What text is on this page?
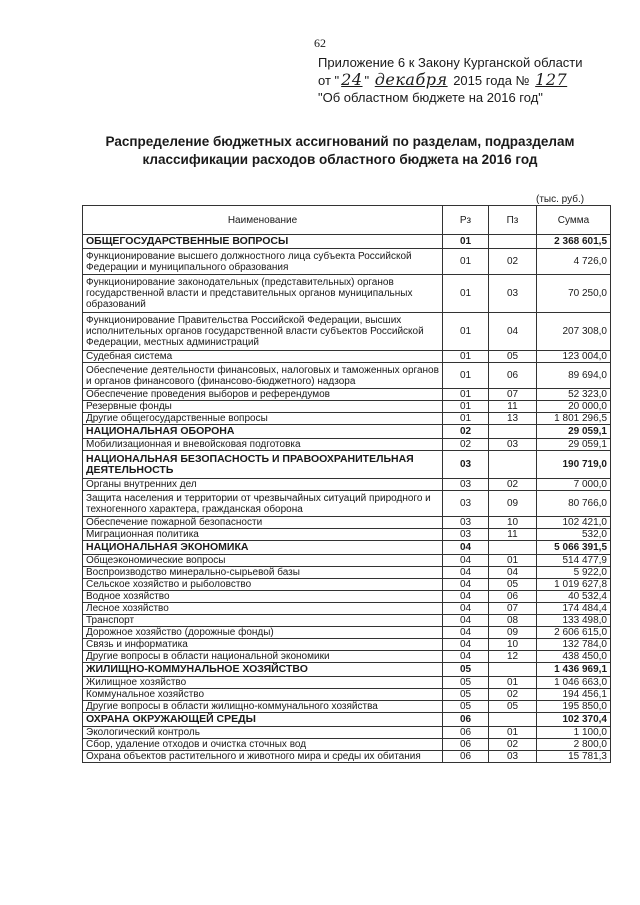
62
Приложение 6 к Закону Курганской области
от " 24 " декабря 2015 года № 127
"Об областном бюджете на 2016 год"
Распределение бюджетных ассигнований по разделам, подразделам
классификации расходов областного бюджета на 2016 год
(тыс. руб.)
Наименование	Рз	Пз	Сумма
ОБЩЕГОСУДАРСТВЕННЫЕ ВОПРОСЫ	01		2 368 601,5
Функционирование высшего должностного лица субъекта Российской Федерации и муниципального образования	01	02	4 726,0
Функционирование законодательных (представительных) органов государственной власти и представительных органов муниципальных образований	01	03	70 250,0
Функционирование Правительства Российской Федерации, высших исполнительных органов государственной власти субъектов Российской Федерации, местных администраций	01	04	207 308,0
Судебная система	01	05	123 004,0
Обеспечение деятельности финансовых, налоговых и таможенных органов и органов финансового (финансово-бюджетного) надзора	01	06	89 694,0
Обеспечение проведения выборов и референдумов	01	07	52 323,0
Резервные фонды	01	11	20 000,0
Другие общегосударственные вопросы	01	13	1 801 296,5
НАЦИОНАЛЬНАЯ ОБОРОНА	02		29 059,1
Мобилизационная и вневойсковая подготовка	02	03	29 059,1
НАЦИОНАЛЬНАЯ БЕЗОПАСНОСТЬ И ПРАВООХРАНИТЕЛЬНАЯ ДЕЯТЕЛЬНОСТЬ	03		190 719,0
Органы внутренних дел	03	02	7 000,0
Защита населения и территории от чрезвычайных ситуаций природного и техногенного характера, гражданская оборона	03	09	80 766,0
Обеспечение пожарной безопасности	03	10	102 421,0
Миграционная политика	03	11	532,0
НАЦИОНАЛЬНАЯ ЭКОНОМИКА	04		5 066 391,5
Общеэкономические вопросы	04	01	514 477,9
Воспроизводство минерально-сырьевой базы	04	04	5 922,0
Сельское хозяйство и рыболовство	04	05	1 019 627,8
Водное хозяйство	04	06	40 532,4
Лесное хозяйство	04	07	174 484,4
Транспорт	04	08	133 498,0
Дорожное хозяйство (дорожные фонды)	04	09	2 606 615,0
Связь и информатика	04	10	132 784,0
Другие вопросы в области национальной экономики	04	12	438 450,0
ЖИЛИЩНО-КОММУНАЛЬНОЕ ХОЗЯЙСТВО	05		1 436 969,1
Жилищное хозяйство	05	01	1 046 663,0
Коммунальное хозяйство	05	02	194 456,1
Другие вопросы в области жилищно-коммунального хозяйства	05	05	195 850,0
ОХРАНА ОКРУЖАЮЩЕЙ СРЕДЫ	06		102 370,4
Экологический контроль	06	01	1 100,0
Сбор, удаление отходов и очистка сточных вод	06	02	2 800,0
Охрана объектов растительного и животного мира и среды их обитания	06	03	15 781,3
